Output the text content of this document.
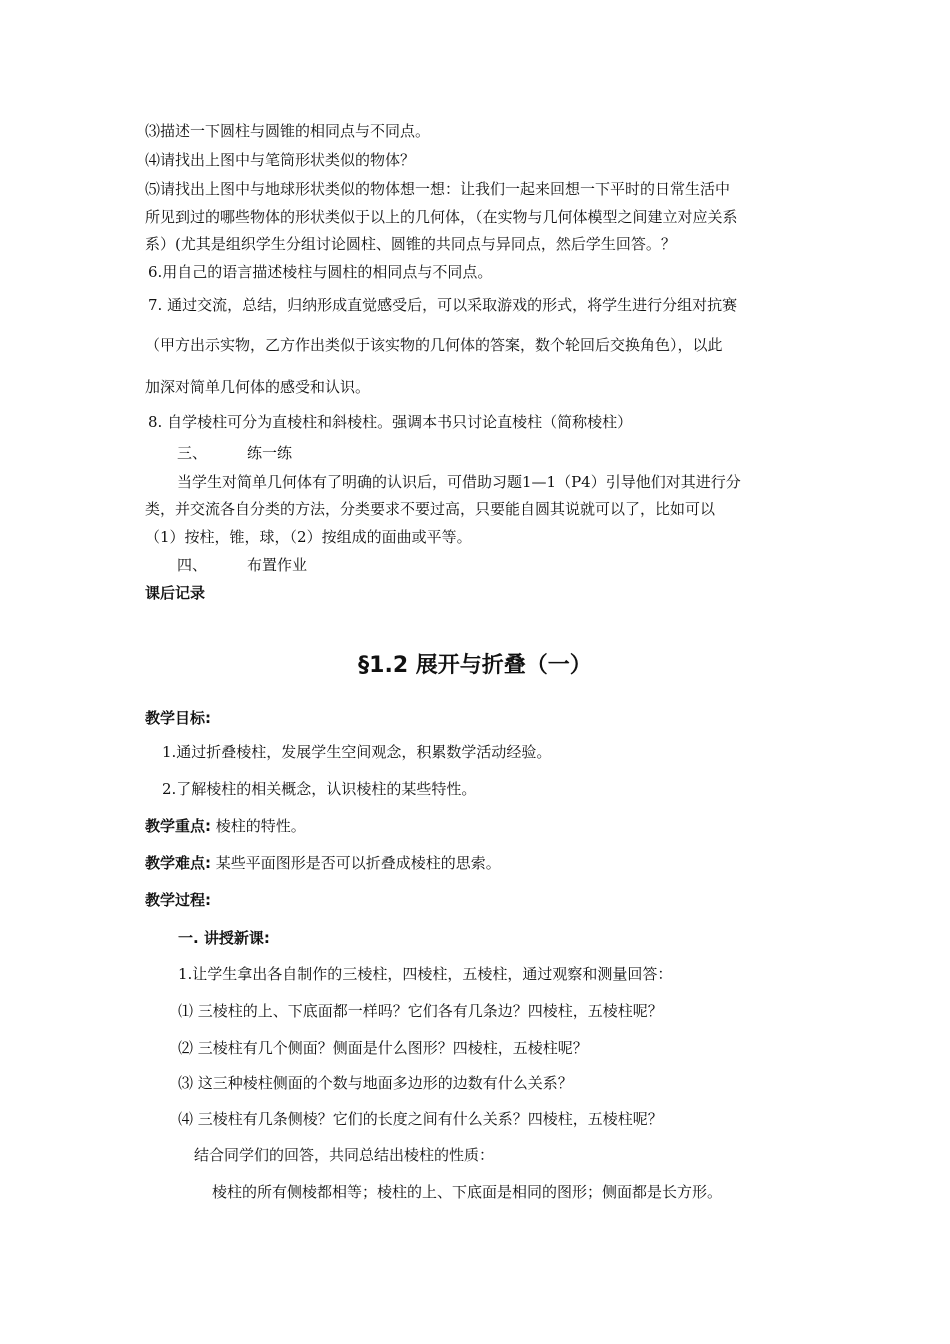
⑶描述一下圆柱与圆锥的相同点与不同点。
⑷请找出上图中与笔筒形状类似的物体？
⑸请找出上图中与地球形状类似的物体想一想：让我们一起来回想一下平时的日常生活中
所见到过的哪些物体的形状类似于以上的几何体，（在实物与几何体模型之间建立对应关系
系）(尤其是组织学生分组讨论圆柱、圆锥的共同点与异同点，然后学生回答。？
6.用自己的语言描述棱柱与圆柱的相同点与不同点。
7. 通过交流，总结，归纳形成直觉感受后，可以采取游戏的形式，将学生进行分组对抗赛
（甲方出示实物，乙方作出类似于该实物的几何体的答案，数个轮回后交换角色），以此
加深对简单几何体的感受和认识。
8. 自学棱柱可分为直棱柱和斜棱柱。强调本书只讨论直棱柱（简称棱柱）
三、	练一练
当学生对简单几何体有了明确的认识后，可借助习题1—1（P4）引导他们对其进行分
类，并交流各自分类的方法，分类要求不要过高，只要能自圆其说就可以了，比如可以
（1）按柱，锥，球，（2）按组成的面曲或平等。
四、	布置作业
课后记录
§1.2 展开与折叠（一）
教学目标:
1.通过折叠棱柱，发展学生空间观念，积累数学活动经验。
2.了解棱柱的相关概念，认识棱柱的某些特性。
教学重点: 棱柱的特性。
教学难点: 某些平面图形是否可以折叠成棱柱的思索。
教学过程:
一. 讲授新课:
1.让学生拿出各自制作的三棱柱，四棱柱，五棱柱，通过观察和测量回答：
⑴ 三棱柱的上、下底面都一样吗？它们各有几条边？四棱柱，五棱柱呢？
⑵ 三棱柱有几个侧面？侧面是什么图形？四棱柱，五棱柱呢？
⑶ 这三种棱柱侧面的个数与地面多边形的边数有什么关系？
⑷ 三棱柱有几条侧棱？它们的长度之间有什么关系？四棱柱，五棱柱呢？
结合同学们的回答，共同总结出棱柱的性质：
棱柱的所有侧棱都相等；棱柱的上、下底面是相同的图形；侧面都是长方形。
